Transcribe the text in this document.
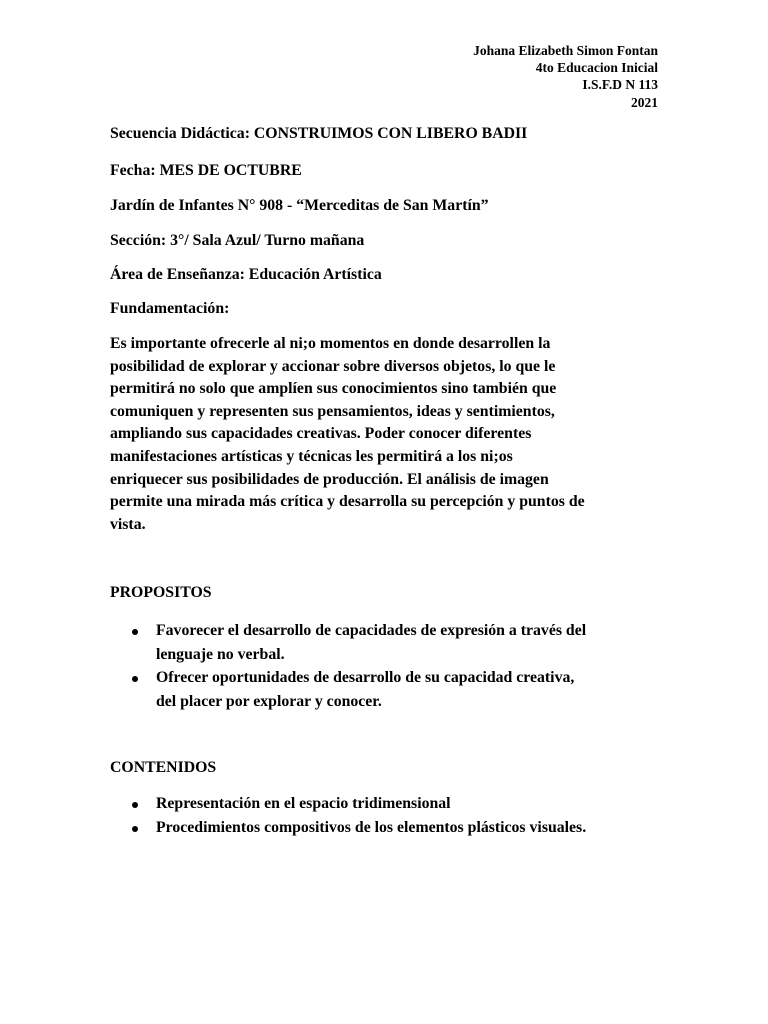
Johana Elizabeth Simon Fontan
4to Educacion Inicial
I.S.F.D N 113
2021
Secuencia Didáctica: CONSTRUIMOS CON LIBERO BADII
Fecha: MES DE OCTUBRE
Jardín de Infantes N° 908 - “Merceditas de San Martín”
Sección: 3°/ Sala Azul/ Turno mañana
Área de Enseñanza: Educación Artística
Fundamentación:
Es importante ofrecerle al ni;o momentos en donde desarrollen la
posibilidad de explorar y accionar sobre diversos objetos, lo que le
permitirá no solo que amplíen sus conocimientos sino también que
comuniquen y representen sus pensamientos, ideas y sentimientos,
ampliando sus capacidades creativas. Poder conocer diferentes
manifestaciones artísticas y técnicas les permitirá a los ni;os
enriquecer sus posibilidades de producción. El análisis de imagen
permite una mirada más crítica y desarrolla su percepción y puntos de
vista.
PROPOSITOS
Favorecer el desarrollo de capacidades de expresión a través del
lenguaje no verbal.
Ofrecer oportunidades de desarrollo de su capacidad creativa,
del placer por explorar y conocer.
CONTENIDOS
Representación en el espacio tridimensional
Procedimientos compositivos de los elementos plásticos visuales.
